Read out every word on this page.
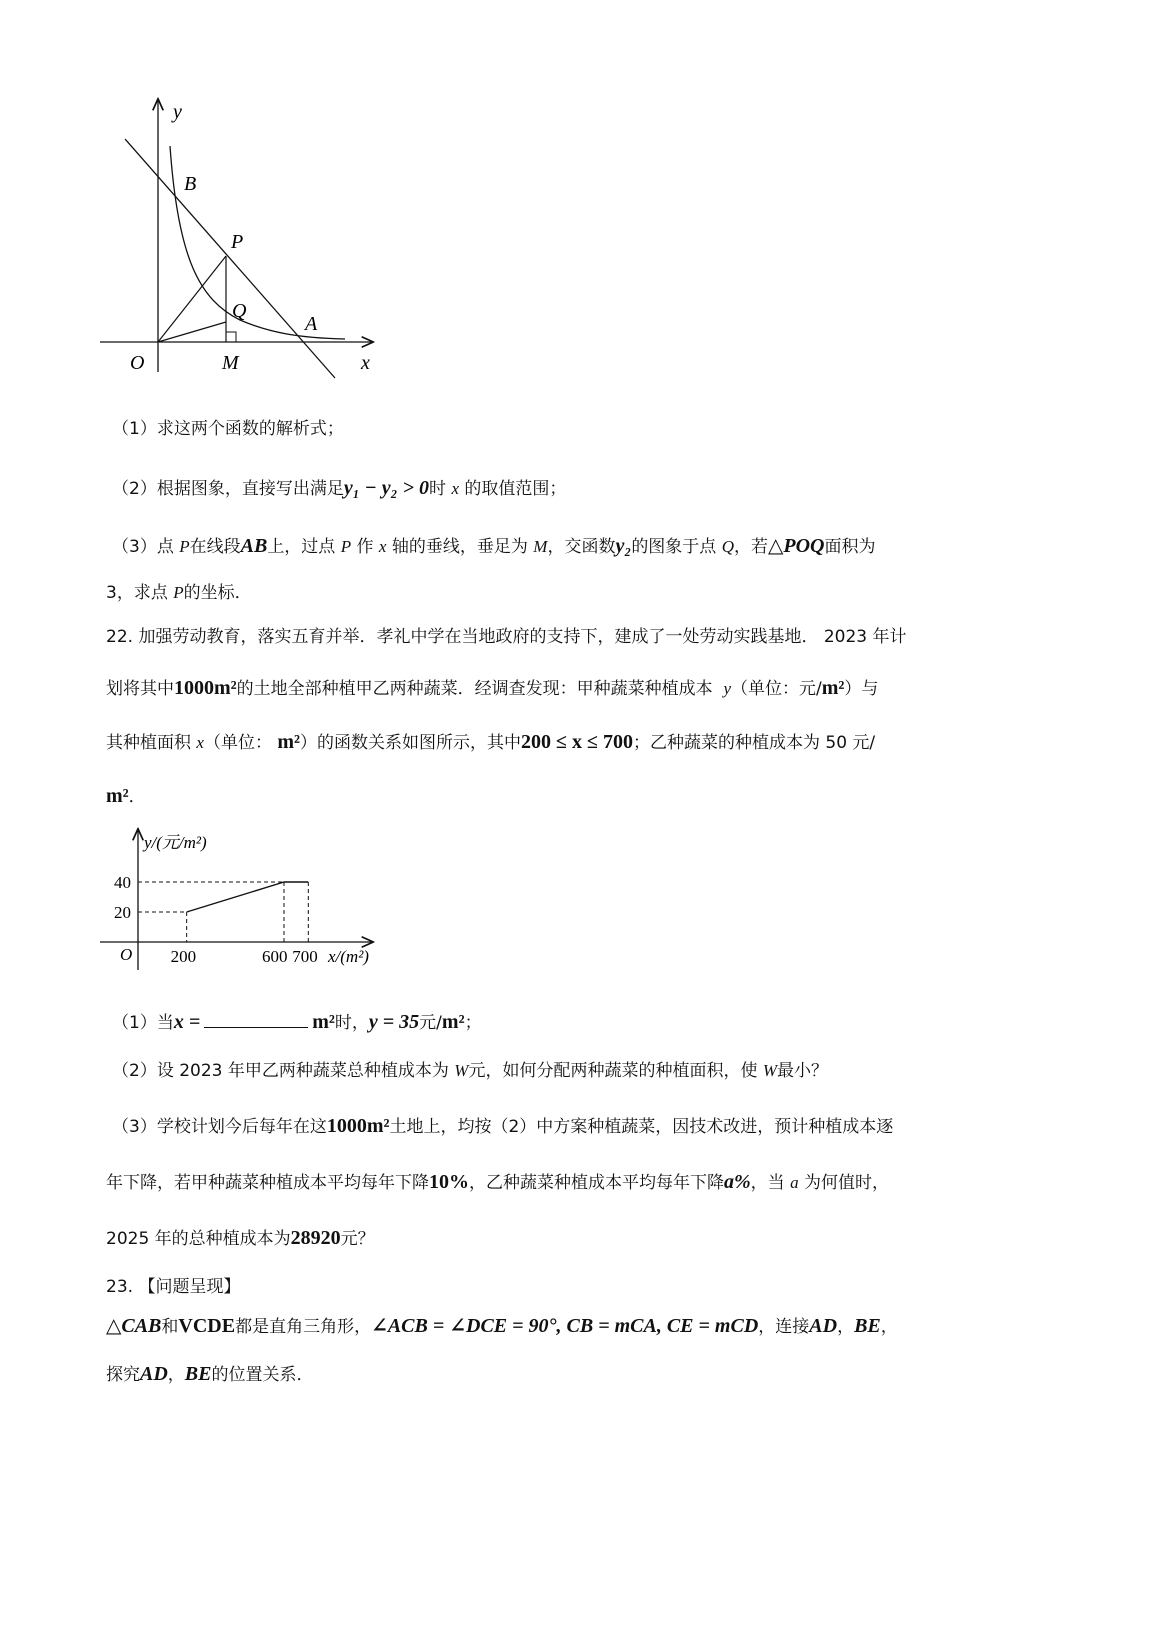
y
B
P
Q
A
O	M	x
（1）求这两个函数的解析式；
（2）根据图象，直接写出满足y₁ − y₂ > 0时 x 的取值范围；
（3）点 P在线段AB上，过点 P 作 x 轴的垂线，垂足为 M，交函数y₂的图象于点 Q，若△POQ面积为
3，求点 P的坐标．
22. 加强劳动教育，落实五育并举．孝礼中学在当地政府的支持下，建成了一处劳动实践基地． 2023 年计
划将其中1000m²的土地全部种植甲乙两种蔬菜．经调查发现：甲种蔬菜种植成本  y（单位：元/m²）与
其种植面积 x（单位： m²）的函数关系如图所示，其中200 ≤ x ≤ 700；乙种蔬菜的种植成本为 50 元/
m²．
y/(元/m²)
x/(m²)
O 200	600 700
20
40
（1）当x =	m²时，y = 35元/m²；
（2）设 2023 年甲乙两种蔬菜总种植成本为 W元，如何分配两种蔬菜的种植面积，使 W最小？
（3）学校计划今后每年在这1000m²土地上，均按（2）中方案种植蔬菜，因技术改进，预计种植成本逐
年下降，若甲种蔬菜种植成本平均每年下降10%，乙种蔬菜种植成本平均每年下降a%，当 a 为何值时，
2025 年的总种植成本为28920元？
23. 【问题呈现】
△CAB和VCDE都是直角三角形，∠ACB = ∠DCE = 90°, CB = mCA, CE = mCD，连接AD，BE，
探究AD，BE的位置关系．
